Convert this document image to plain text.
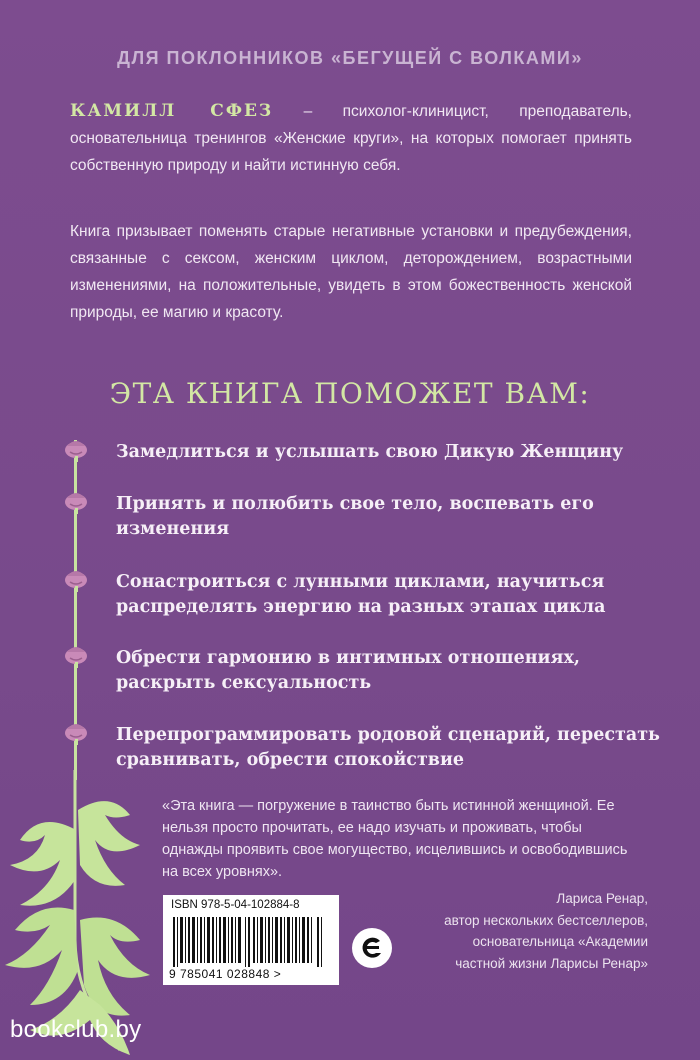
ДЛЯ ПОКЛОННИКОВ «БЕГУЩЕЙ С ВОЛКАМИ»
КАМИЛЛ СФЕЗ – психолог-клиницист, преподаватель, основательница тренингов «Женские круги», на которых помогает принять собственную природу и найти истинную себя.
Книга призывает поменять старые негативные установки и предубеждения, связанные с сексом, женским циклом, деторождением, возрастными изменениями, на положительные, увидеть в этом божественность женской природы, ее магию и красоту.
ЭТА КНИГА ПОМОЖЕТ ВАМ:
Замедлиться и услышать свою Дикую Женщину
Принять и полюбить свое тело, воспевать его изменения
Сонастроиться с лунными циклами, научиться распределять энергию на разных этапах цикла
Обрести гармонию в интимных отношениях, раскрыть сексуальность
Перепрограммировать родовой сценарий, перестать сравнивать, обрести спокойствие
«Эта книга — погружение в таинство быть истинной женщиной. Ее нельзя просто прочитать, ее надо изучать и проживать, чтобы однажды проявить свое могущество, исцелившись и освободившись на всех уровнях».
ISBN 978-5-04-102884-8
9 785041 028848 >
Лариса Ренар,
автор нескольких бестселлеров,
основательница «Академии
частной жизни Ларисы Ренар»
bookclub.by
